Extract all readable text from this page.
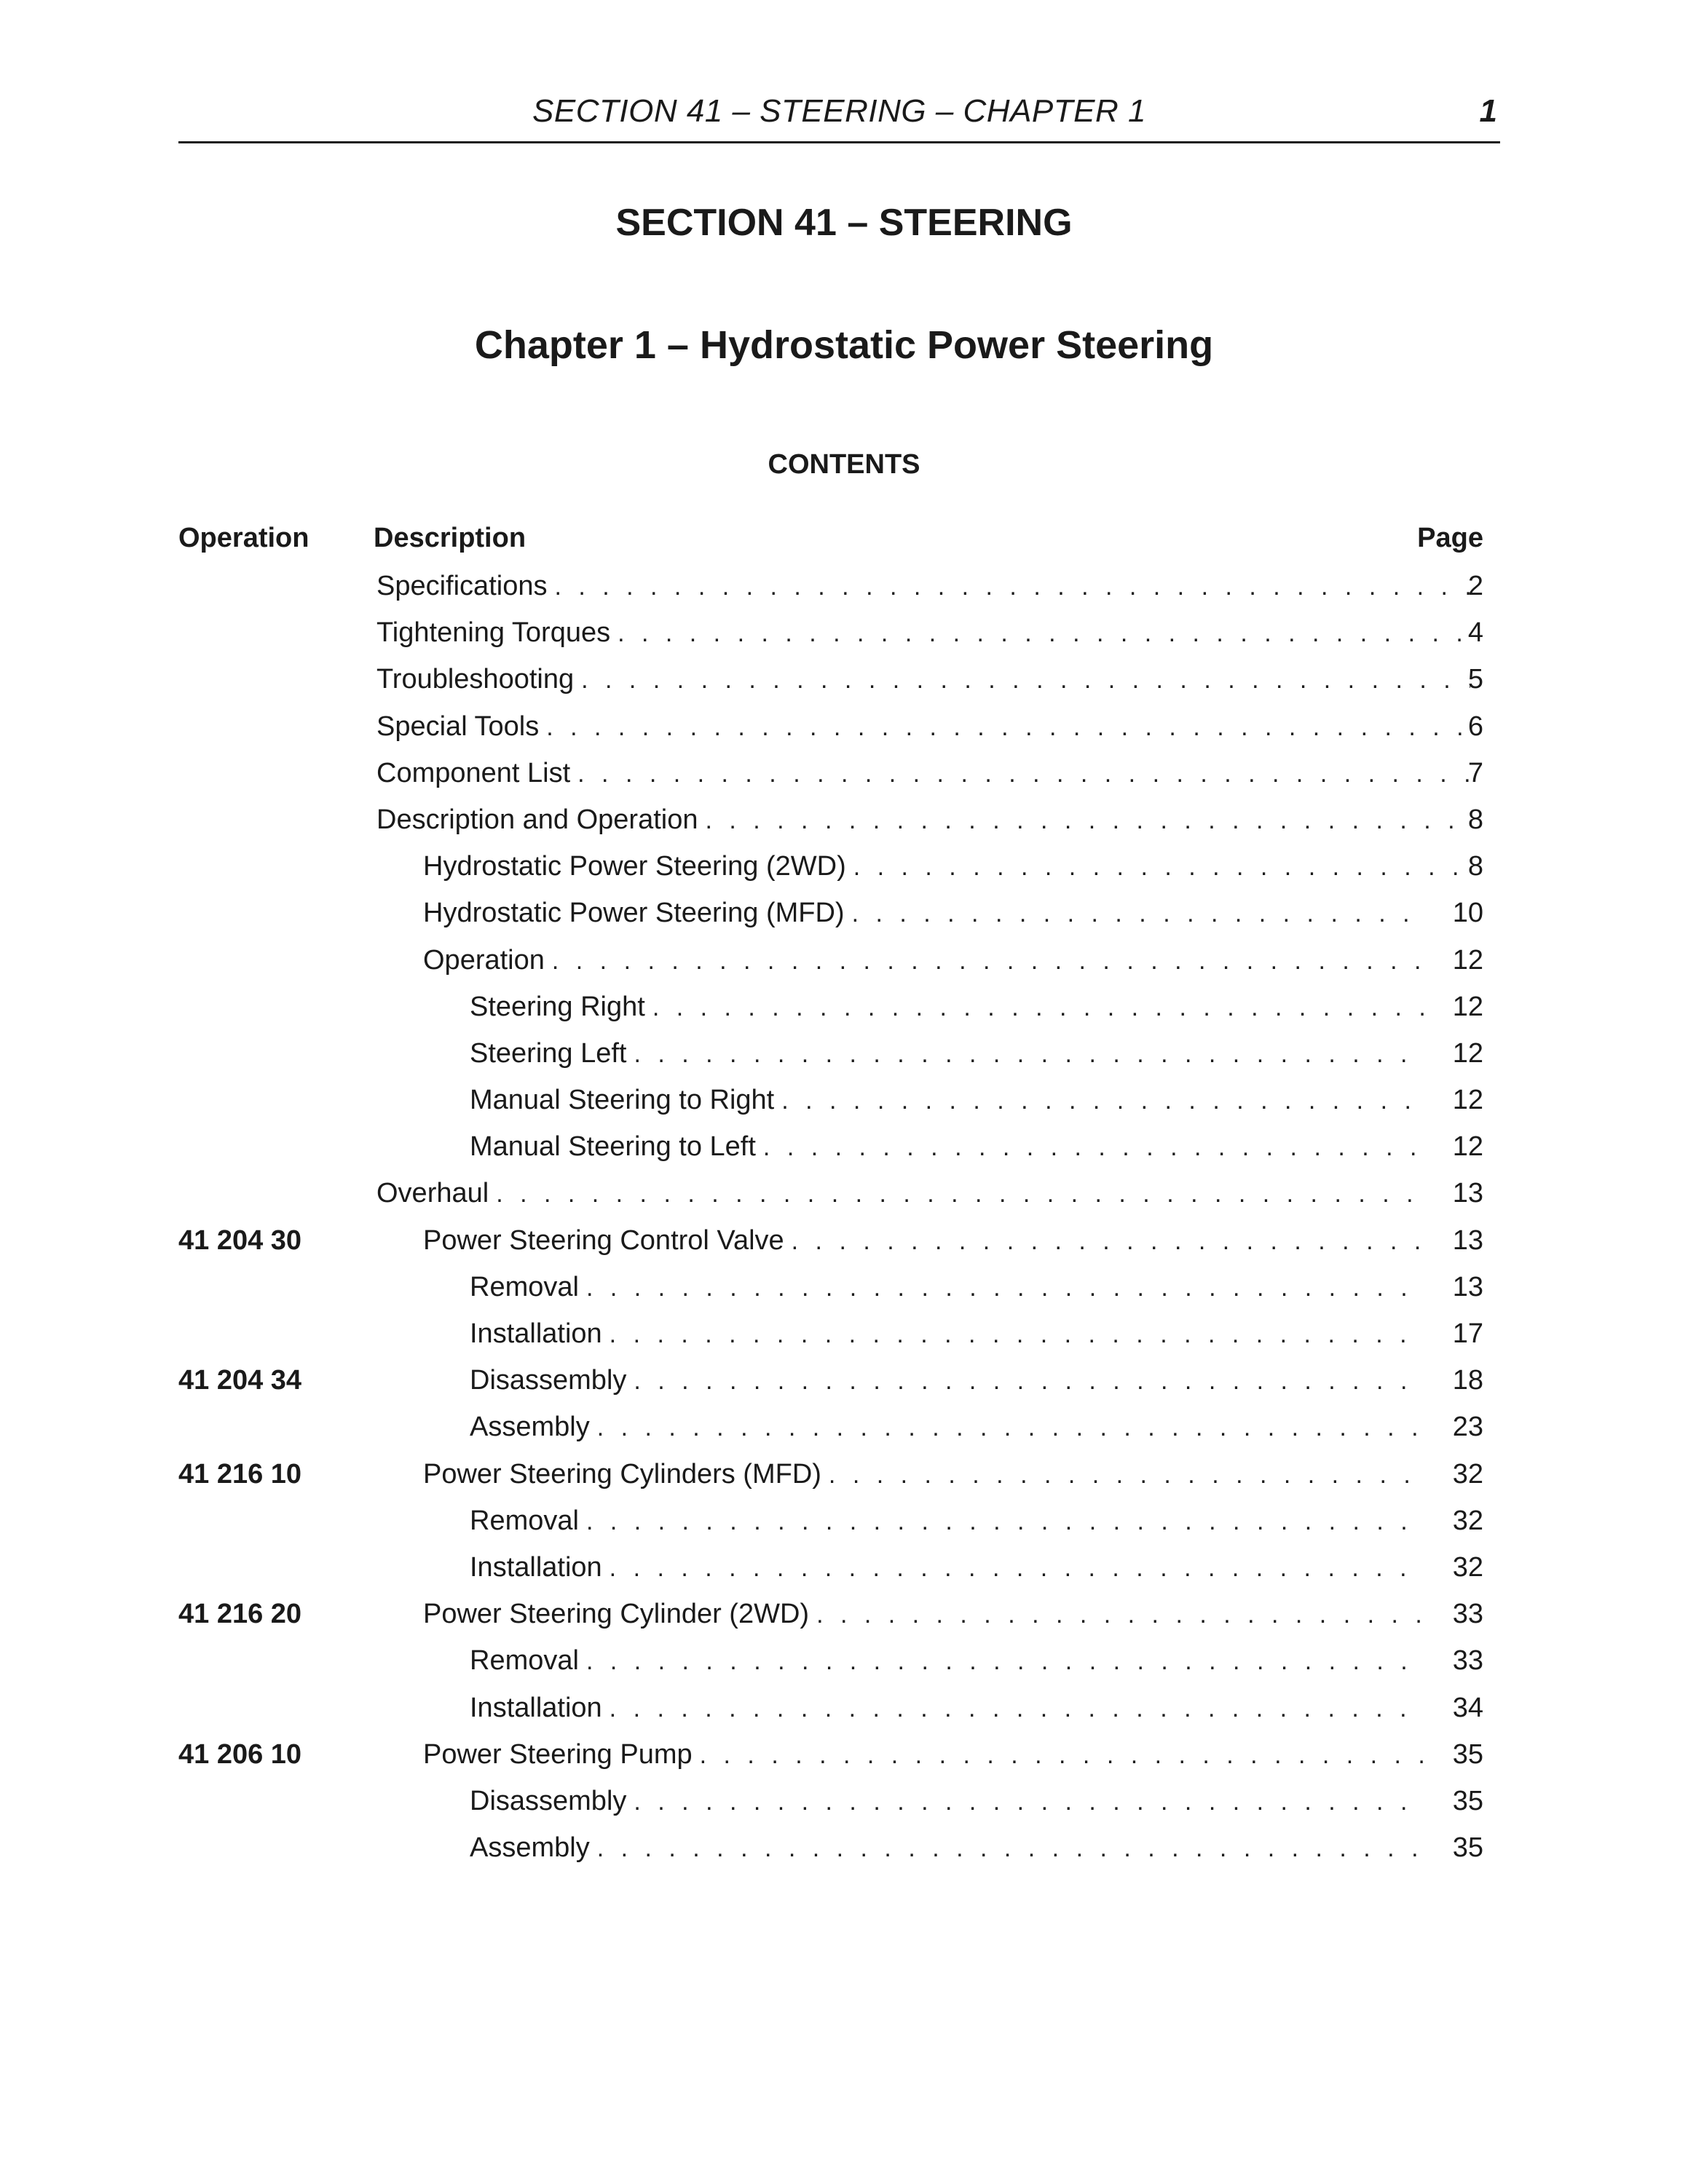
SECTION 41 – STEERING – CHAPTER 1	1
SECTION 41 – STEERING
Chapter 1 – Hydrostatic Power Steering
CONTENTS
Operation Description	Page
Specifications . . .	2
Tightening Torques . . .	4
Troubleshooting . . .	5
Special Tools . . .	6
Component List . . .	7
Description and Operation . . .	8
Hydrostatic Power Steering (2WD) . . .	8
Hydrostatic Power Steering (MFD) . . .	10
Operation . . .	12
Steering Right . . .	12
Steering Left . . .	12
Manual Steering to Right . . .	12
Manual Steering to Left . . .	12
Overhaul . . .	13
41 204 30	Power Steering Control Valve . . .	13
Removal . . .	13
Installation . . .	17
41 204 34	Disassembly . . .	18
Assembly . . .	23
41 216 10	Power Steering Cylinders (MFD) . . .	32
Removal . . .	32
Installation . . .	32
41 216 20	Power Steering Cylinder (2WD) . . .	33
Removal . . .	33
Installation . . .	34
41 206 10	Power Steering Pump . . .	35
Disassembly . . .	35
Assembly . . .	35
